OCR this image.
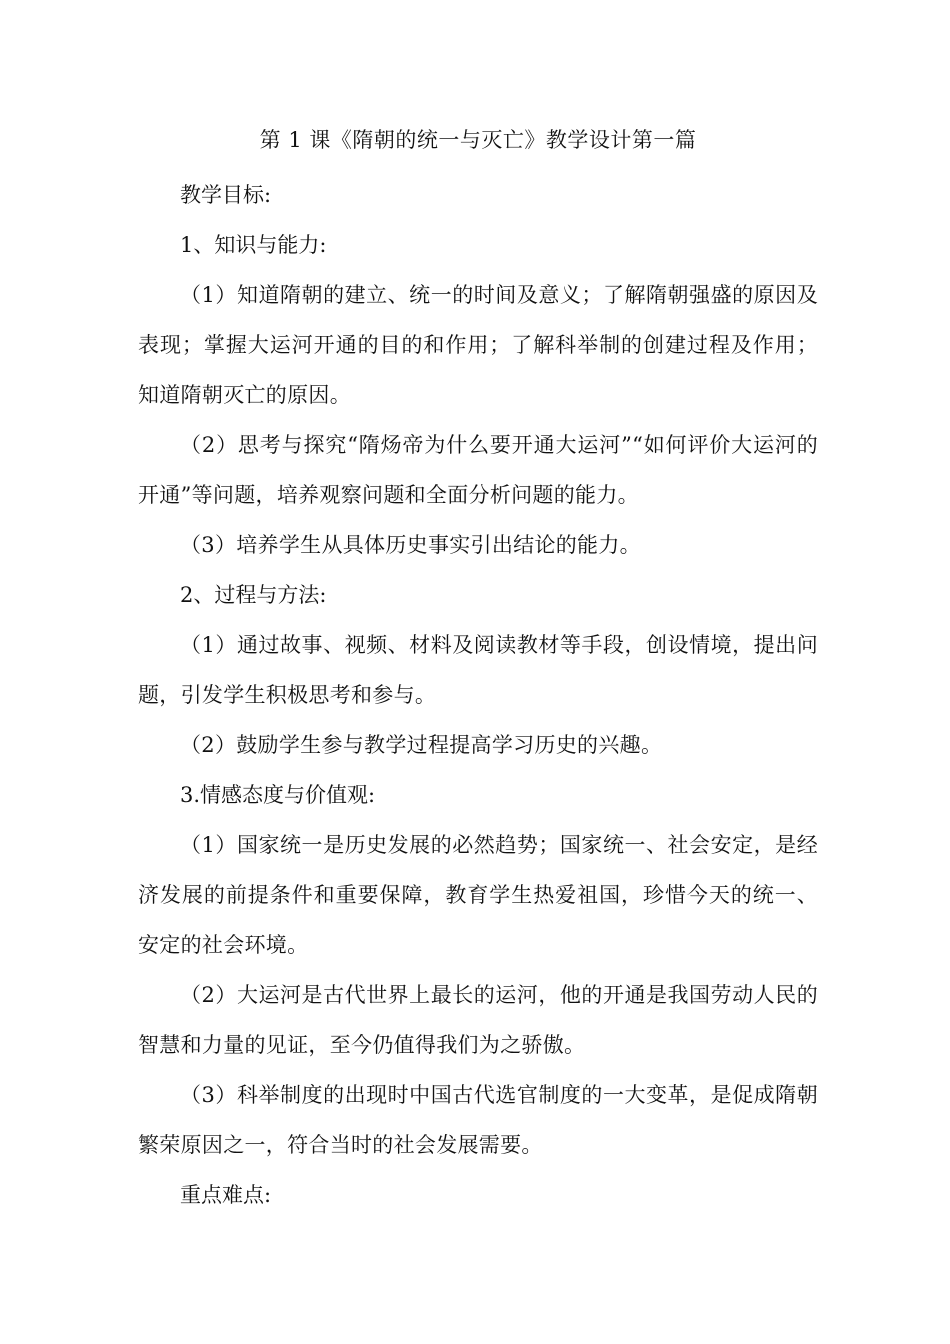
第 1 课《隋朝的统一与灭亡》教学设计第一篇

教学目标:

1、知识与能力:

（1）知道隋朝的建立、统一的时间及意义；了解隋朝强盛的原因及表现；掌握大运河开通的目的和作用；了解科举制的创建过程及作用；知道隋朝灭亡的原因。

（2）思考与探究“隋炀帝为什么要开通大运河”“如何评价大运河的开通”等问题，培养观察问题和全面分析问题的能力。

（3）培养学生从具体历史事实引出结论的能力。

2、过程与方法:

（1）通过故事、视频、材料及阅读教材等手段，创设情境，提出问题，引发学生积极思考和参与。

（2）鼓励学生参与教学过程提高学习历史的兴趣。

3.情感态度与价值观:

（1）国家统一是历史发展的必然趋势；国家统一、社会安定，是经济发展的前提条件和重要保障，教育学生热爱祖国，珍惜今天的统一、安定的社会环境。

（2）大运河是古代世界上最长的运河，他的开通是我国劳动人民的智慧和力量的见证，至今仍值得我们为之骄傲。

（3）科举制度的出现时中国古代选官制度的一大变革，是促成隋朝繁荣原因之一，符合当时的社会发展需要。

重点难点:
